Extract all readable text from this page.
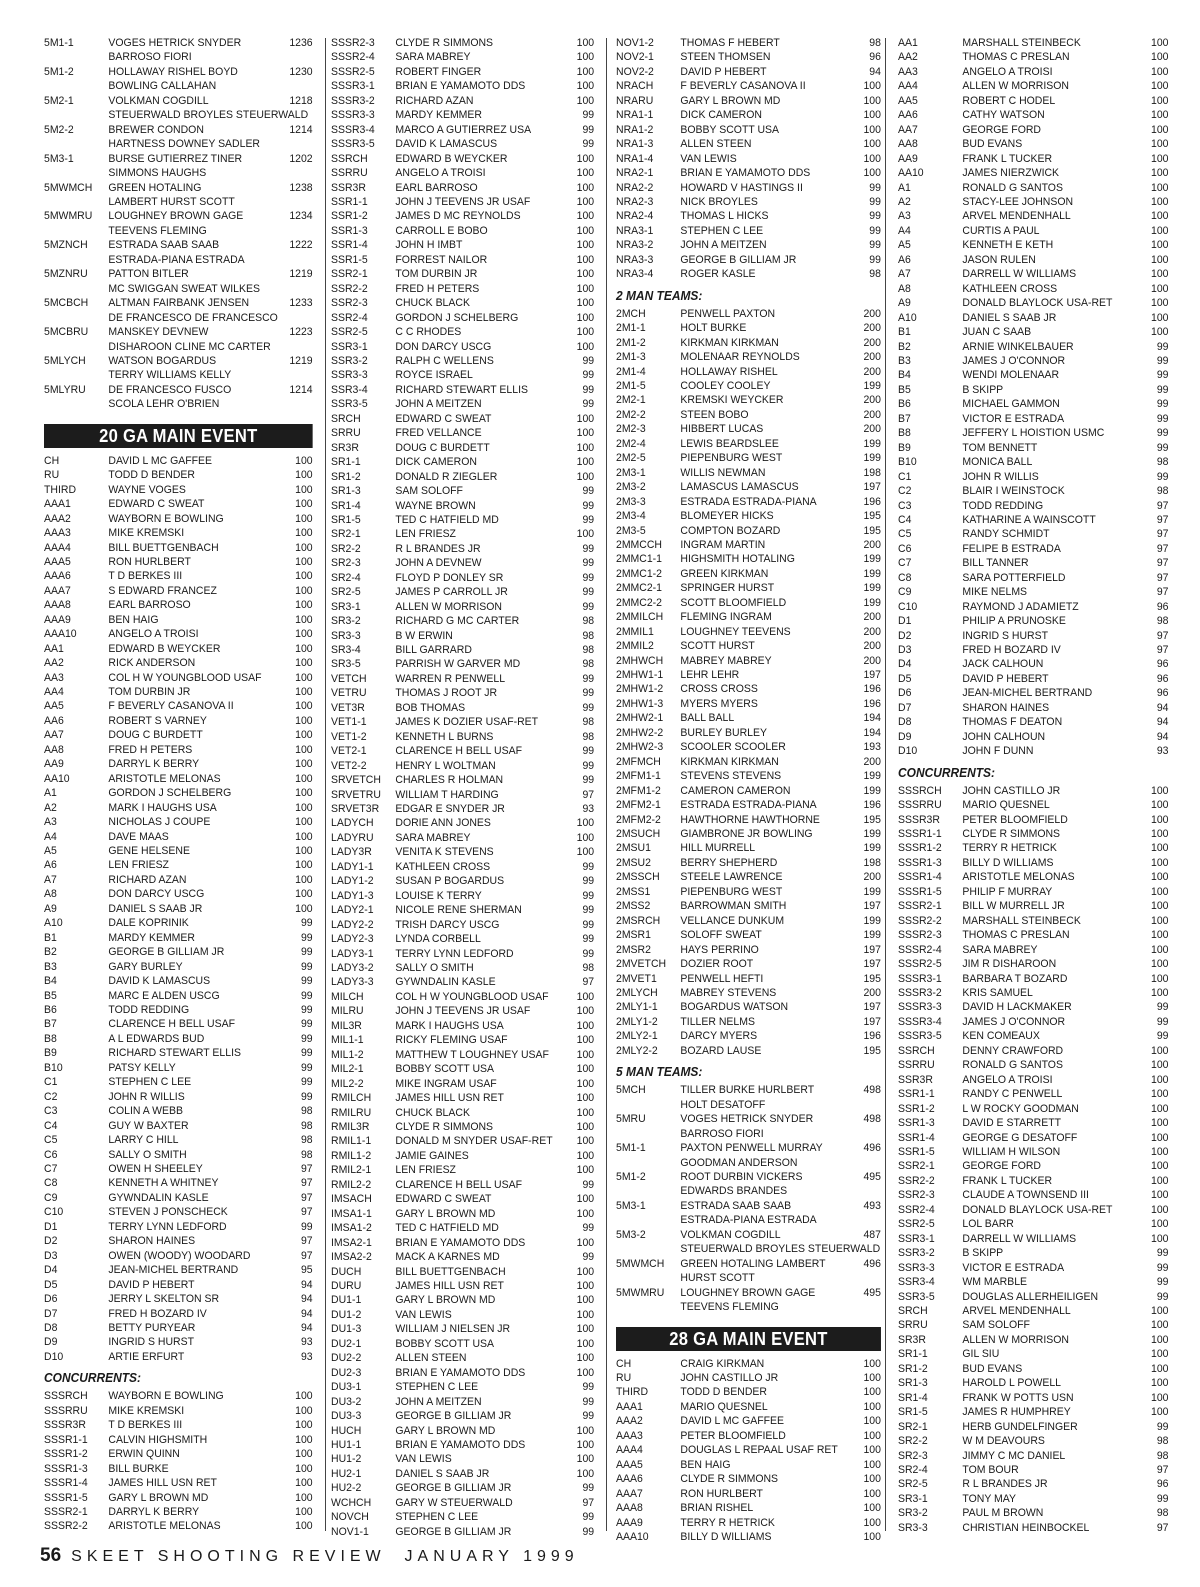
5M1-1	VOGES HETRICK SNYDER	1236
BARROSO FIORI
5M1-2	HOLLAWAY RISHEL BOYD	1230
BOWLING CALLAHAN
5M2-1	VOLKMAN COGDILL	1218
STEUERWALD BROYLES STEUERWALD
5M2-2	BREWER CONDON	1214
HARTNESS DOWNEY SADLER
5M3-1	BURSE GUTIERREZ TINER	1202
SIMMONS HAUGHS
5MWMCH	GREEN HOTALING	1238
LAMBERT HURST SCOTT
5MWMRU	LOUGHNEY BROWN GAGE	1234
TEEVENS FLEMING
5MZNCH	ESTRADA SAAB SAAB	1222
ESTRADA-PIANA ESTRADA
5MZNRU	PATTON BITLER	1219
MC SWIGGAN SWEAT WILKES
5MCBCH	ALTMAN FAIRBANK JENSEN	1233
DE FRANCESCO DE FRANCESCO
5MCBRU	MANSKEY DEVNEW	1223
DISHAROON CLINE MC CARTER
5MLYCH	WATSON BOGARDUS	1219
TERRY WILLIAMS KELLY
5MLYRU	DE FRANCESCO FUSCO	1214
SCOLA LEHR O'BRIEN
20 GA MAIN EVENT
CH	DAVID L MC GAFFEE	100
RU	TODD D BENDER	100
THIRD	WAYNE VOGES	100
AAA1	EDWARD C SWEAT	100
AAA2	WAYBORN E BOWLING	100
AAA3	MIKE KREMSKI	100
AAA4	BILL BUETTGENBACH	100
AAA5	RON HURLBERT	100
AAA6	T D BERKES III	100
AAA7	S EDWARD FRANCEZ	100
AAA8	EARL BARROSO	100
AAA9	BEN HAIG	100
AAA10	ANGELO A TROISI	100
AA1	EDWARD B WEYCKER	100
AA2	RICK ANDERSON	100
AA3	COL H W YOUNGBLOOD USAF	100
AA4	TOM DURBIN JR	100
AA5	F BEVERLY CASANOVA II	100
AA6	ROBERT S VARNEY	100
AA7	DOUG C BURDETT	100
AA8	FRED H PETERS	100
AA9	DARRYL K BERRY	100
AA10	ARISTOTLE MELONAS	100
A1	GORDON J SCHELBERG	100
A2	MARK I HAUGHS USA	100
A3	NICHOLAS J COUPE	100
A4	DAVE MAAS	100
A5	GENE HELSENE	100
A6	LEN FRIESZ	100
A7	RICHARD AZAN	100
A8	DON DARCY USCG	100
A9	DANIEL S SAAB JR	100
A10	DALE KOPRINIK	99
B1	MARDY KEMMER	99
B2	GEORGE B GILLIAM JR	99
B3	GARY BURLEY	99
B4	DAVID K LAMASCUS	99
B5	MARC E ALDEN USCG	99
B6	TODD REDDING	99
B7	CLARENCE H BELL USAF	99
B8	A L EDWARDS BUD	99
B9	RICHARD STEWART ELLIS	99
B10	PATSY KELLY	99
C1	STEPHEN C LEE	99
C2	JOHN R WILLIS	99
C3	COLIN A WEBB	98
C4	GUY W BAXTER	98
C5	LARRY C HILL	98
C6	SALLY O SMITH	98
C7	OWEN H SHEELEY	97
C8	KENNETH A WHITNEY	97
C9	GYWNDALIN KASLE	97
C10	STEVEN J PONSCHECK	97
D1	TERRY LYNN LEDFORD	99
D2	SHARON HAINES	97
D3	OWEN (WOODY) WOODARD	97
D4	JEAN-MICHEL BERTRAND	95
D5	DAVID P HEBERT	94
D6	JERRY L SKELTON SR	94
D7	FRED H BOZARD IV	94
D8	BETTY PURYEAR	94
D9	INGRID S HURST	93
D10	ARTIE ERFURT	93
CONCURRENTS:
SSSRCH	WAYBORN E BOWLING	100
SSSRRU	MIKE KREMSKI	100
SSSR3R	T D BERKES III	100
SSSR1-1	CALVIN HIGHSMITH	100
SSSR1-2	ERWIN QUINN	100
SSSR1-3	BILL BURKE	100
SSSR1-4	JAMES HILL USN RET	100
SSSR1-5	GARY L BROWN MD	100
SSSR2-1	DARRYL K BERRY	100
SSSR2-2	ARISTOTLE MELONAS	100
SSSR2-3	CLYDE R SIMMONS	100
SSSR2-4	SARA MABREY	100
SSSR2-5	ROBERT FINGER	100
SSSR3-1	BRIAN E YAMAMOTO DDS	100
SSSR3-2	RICHARD AZAN	100
SSSR3-3	MARDY KEMMER	99
SSSR3-4	MARCO A GUTIERREZ USA	99
SSSR3-5	DAVID K LAMASCUS	99
SSRCH	EDWARD B WEYCKER	100
SSRRU	ANGELO A TROISI	100
SSR3R	EARL BARROSO	100
SSR1-1	JOHN J TEEVENS JR USAF	100
SSR1-2	JAMES D MC REYNOLDS	100
SSR1-3	CARROLL E BOBO	100
SSR1-4	JOHN H IMBT	100
SSR1-5	FORREST NAILOR	100
SSR2-1	TOM DURBIN JR	100
SSR2-2	FRED H PETERS	100
SSR2-3	CHUCK BLACK	100
SSR2-4	GORDON J SCHELBERG	100
SSR2-5	C C RHODES	100
SSR3-1	DON DARCY USCG	100
SSR3-2	RALPH C WELLENS	99
SSR3-3	ROYCE ISRAEL	99
SSR3-4	RICHARD STEWART ELLIS	99
SSR3-5	JOHN A MEITZEN	99
SRCH	EDWARD C SWEAT	100
SRRU	FRED VELLANCE	100
SR3R	DOUG C BURDETT	100
SR1-1	DICK CAMERON	100
SR1-2	DONALD R ZIEGLER	100
SR1-3	SAM SOLOFF	99
SR1-4	WAYNE BROWN	99
SR1-5	TED C HATFIELD MD	99
SR2-1	LEN FRIESZ	100
SR2-2	R L BRANDES JR	99
SR2-3	JOHN A DEVNEW	99
SR2-4	FLOYD P DONLEY SR	99
SR2-5	JAMES P CARROLL JR	99
SR3-1	ALLEN W MORRISON	99
SR3-2	RICHARD G MC CARTER	98
SR3-3	B W ERWIN	98
SR3-4	BILL GARRARD	98
SR3-5	PARRISH W GARVER MD	98
VETCH	WARREN R PENWELL	99
VETRU	THOMAS J ROOT JR	99
VET3R	BOB THOMAS	99
VET1-1	JAMES K DOZIER USAF-RET	98
VET1-2	KENNETH L BURNS	98
VET2-1	CLARENCE H BELL USAF	99
VET2-2	HENRY L WOLTMAN	99
SRVETCH	CHARLES R HOLMAN	99
SRVETRU	WILLIAM T HARDING	97
SRVET3R	EDGAR E SNYDER JR	93
LADYCH	DORIE ANN JONES	100
LADYRU	SARA MABREY	100
LADY3R	VENITA K STEVENS	100
LADY1-1	KATHLEEN CROSS	99
LADY1-2	SUSAN P BOGARDUS	99
LADY1-3	LOUISE K TERRY	99
LADY2-1	NICOLE RENE SHERMAN	99
LADY2-2	TRISH DARCY USCG	99
LADY2-3	LYNDA CORBELL	99
LADY3-1	TERRY LYNN LEDFORD	99
LADY3-2	SALLY O SMITH	98
LADY3-3	GYWNDALIN KASLE	97
MILCH	COL H W YOUNGBLOOD USAF	100
MILRU	JOHN J TEEVENS JR USAF	100
MIL3R	MARK I HAUGHS USA	100
MIL1-1	RICKY FLEMING USAF	100
MIL1-2	MATTHEW T LOUGHNEY USAF	100
MIL2-1	BOBBY SCOTT USA	100
MIL2-2	MIKE INGRAM USAF	100
RMILCH	JAMES HILL USN RET	100
RMILRU	CHUCK BLACK	100
RMIL3R	CLYDE R SIMMONS	100
RMIL1-1	DONALD M SNYDER USAF-RET	100
RMIL1-2	JAMIE GAINES	100
RMIL2-1	LEN FRIESZ	100
RMIL2-2	CLARENCE H BELL USAF	99
IMSACH	EDWARD C SWEAT	100
IMSA1-1	GARY L BROWN MD	100
IMSA1-2	TED C HATFIELD MD	99
IMSA2-1	BRIAN E YAMAMOTO DDS	100
IMSA2-2	MACK A KARNES MD	99
DUCH	BILL BUETTGENBACH	100
DURU	JAMES HILL USN RET	100
DU1-1	GARY L BROWN MD	100
DU1-2	VAN LEWIS	100
DU1-3	WILLIAM J NIELSEN JR	100
DU2-1	BOBBY SCOTT USA	100
DU2-2	ALLEN STEEN	100
DU2-3	BRIAN E YAMAMOTO DDS	100
DU3-1	STEPHEN C LEE	99
DU3-2	JOHN A MEITZEN	99
DU3-3	GEORGE B GILLIAM JR	99
HUCH	GARY L BROWN MD	100
HU1-1	BRIAN E YAMAMOTO DDS	100
HU1-2	VAN LEWIS	100
HU2-1	DANIEL S SAAB JR	100
HU2-2	GEORGE B GILLIAM JR	99
WCHCH	GARY W STEUERWALD	97
NOVCH	STEPHEN C LEE	99
NOV1-1	GEORGE B GILLIAM JR	99
NOV1-2	THOMAS F HEBERT	98
NOV2-1	STEEN THOMSEN	96
NOV2-2	DAVID P HEBERT	94
NRACH	F BEVERLY CASANOVA II	100
NRARU	GARY L BROWN MD	100
NRA1-1	DICK CAMERON	100
NRA1-2	BOBBY SCOTT USA	100
NRA1-3	ALLEN STEEN	100
NRA1-4	VAN LEWIS	100
NRA2-1	BRIAN E YAMAMOTO DDS	100
NRA2-2	HOWARD V HASTINGS II	99
NRA2-3	NICK BROYLES	99
NRA2-4	THOMAS L HICKS	99
NRA3-1	STEPHEN C LEE	99
NRA3-2	JOHN A MEITZEN	99
NRA3-3	GEORGE B GILLIAM JR	99
NRA3-4	ROGER KASLE	98
2 MAN TEAMS:
2MCH	PENWELL PAXTON	200
2M1-1	HOLT BURKE	200
2M1-2	KIRKMAN KIRKMAN	200
2M1-3	MOLENAAR REYNOLDS	200
2M1-4	HOLLAWAY RISHEL	200
2M1-5	COOLEY COOLEY	199
2M2-1	KREMSKI WEYCKER	200
2M2-2	STEEN BOBO	200
2M2-3	HIBBERT LUCAS	200
2M2-4	LEWIS BEARDSLEE	199
2M2-5	PIEPENBURG WEST	199
2M3-1	WILLIS NEWMAN	198
2M3-2	LAMASCUS LAMASCUS	197
2M3-3	ESTRADA ESTRADA-PIANA	196
2M3-4	BLOMEYER HICKS	195
2M3-5	COMPTON BOZARD	195
2MMCCH	INGRAM MARTIN	200
2MMC1-1	HIGHSMITH HOTALING	199
2MMC1-2	GREEN KIRKMAN	199
2MMC2-1	SPRINGER HURST	199
2MMC2-2	SCOTT BLOOMFIELD	199
2MMILCH	FLEMING INGRAM	200
2MMIL1	LOUGHNEY TEEVENS	200
2MMIL2	SCOTT HURST	200
2MHWCH	MABREY MABREY	200
2MHW1-1	LEHR LEHR	197
2MHW1-2	CROSS CROSS	196
2MHW1-3	MYERS MYERS	196
2MHW2-1	BALL BALL	194
2MHW2-2	BURLEY BURLEY	194
2MHW2-3	SCOOLER SCOOLER	193
2MFMCH	KIRKMAN KIRKMAN	200
2MFM1-1	STEVENS STEVENS	199
2MFM1-2	CAMERON CAMERON	199
2MFM2-1	ESTRADA ESTRADA-PIANA	196
2MFM2-2	HAWTHORNE HAWTHORNE	195
2MSUCH	GIAMBRONE JR BOWLING	199
2MSU1	HILL MURRELL	199
2MSU2	BERRY SHEPHERD	198
2MSSCH	STEELE LAWRENCE	200
2MSS1	PIEPENBURG WEST	199
2MSS2	BARROWMAN SMITH	197
2MSRCH	VELLANCE DUNKUM	199
2MSR1	SOLOFF SWEAT	199
2MSR2	HAYS PERRINO	197
2MVETCH	DOZIER ROOT	197
2MVET1	PENWELL HEFTI	195
2MLYCH	MABREY STEVENS	200
2MLY1-1	BOGARDUS WATSON	197
2MLY1-2	TILLER NELMS	197
2MLY2-1	DARCY MYERS	196
2MLY2-2	BOZARD LAUSE	195
5 MAN TEAMS:
5MCH	TILLER BURKE HURLBERT	498
HOLT DESATOFF
5MRU	VOGES HETRICK SNYDER	498
BARROSO FIORI
5M1-1	PAXTON PENWELL MURRAY	496
GOODMAN ANDERSON
5M1-2	ROOT DURBIN VICKERS	495
EDWARDS BRANDES
5M3-1	ESTRADA SAAB SAAB	493
ESTRADA-PIANA ESTRADA
5M3-2	VOLKMAN COGDILL	487
STEUERWALD BROYLES STEUERWALD
5MWMCH	GREEN HOTALING LAMBERT	496
HURST SCOTT
5MWMRU	LOUGHNEY BROWN GAGE	495
TEEVENS FLEMING
28 GA MAIN EVENT
CH	CRAIG KIRKMAN	100
RU	JOHN CASTILLO JR	100
THIRD	TODD D BENDER	100
AAA1	MARIO QUESNEL	100
AAA2	DAVID L MC GAFFEE	100
AAA3	PETER BLOOMFIELD	100
AAA4	DOUGLAS L REPAAL USAF RET	100
AAA5	BEN HAIG	100
AAA6	CLYDE R SIMMONS	100
AAA7	RON HURLBERT	100
AAA8	BRIAN RISHEL	100
AAA9	TERRY R HETRICK	100
AAA10	BILLY D WILLIAMS	100
AA1	MARSHALL STEINBECK	100
AA2	THOMAS C PRESLAN	100
AA3	ANGELO A TROISI	100
AA4	ALLEN W MORRISON	100
AA5	ROBERT C HODEL	100
AA6	CATHY WATSON	100
AA7	GEORGE FORD	100
AA8	BUD EVANS	100
AA9	FRANK L TUCKER	100
AA10	JAMES NIERZWICK	100
A1	RONALD G SANTOS	100
A2	STACY-LEE JOHNSON	100
A3	ARVEL MENDENHALL	100
A4	CURTIS A PAUL	100
A5	KENNETH E KETH	100
A6	JASON RULEN	100
A7	DARRELL W WILLIAMS	100
A8	KATHLEEN CROSS	100
A9	DONALD BLAYLOCK USA-RET	100
A10	DANIEL S SAAB JR	100
B1	JUAN C SAAB	100
B2	ARNIE WINKELBAUER	99
B3	JAMES J O'CONNOR	99
B4	WENDI MOLENAAR	99
B5	B SKIPP	99
B6	MICHAEL GAMMON	99
B7	VICTOR E ESTRADA	99
B8	JEFFERY L HOISTION USMC	99
B9	TOM BENNETT	99
B10	MONICA BALL	98
C1	JOHN R WILLIS	99
C2	BLAIR I WEINSTOCK	98
C3	TODD REDDING	97
C4	KATHARINE A WAINSCOTT	97
C5	RANDY SCHMIDT	97
C6	FELIPE B ESTRADA	97
C7	BILL TANNER	97
C8	SARA POTTERFIELD	97
C9	MIKE NELMS	97
C10	RAYMOND J ADAMIETZ	96
D1	PHILIP A PRUNOSKE	98
D2	INGRID S HURST	97
D3	FRED H BOZARD IV	97
D4	JACK CALHOUN	96
D5	DAVID P HEBERT	96
D6	JEAN-MICHEL BERTRAND	96
D7	SHARON HAINES	94
D8	THOMAS F DEATON	94
D9	JOHN CALHOUN	94
D10	JOHN F DUNN	93
CONCURRENTS:
SSSRCH	JOHN CASTILLO JR	100
SSSRRU	MARIO QUESNEL	100
SSSR3R	PETER BLOOMFIELD	100
SSSR1-1	CLYDE R SIMMONS	100
SSSR1-2	TERRY R HETRICK	100
SSSR1-3	BILLY D WILLIAMS	100
SSSR1-4	ARISTOTLE MELONAS	100
SSSR1-5	PHILIP F MURRAY	100
SSSR2-1	BILL W MURRELL JR	100
SSSR2-2	MARSHALL STEINBECK	100
SSSR2-3	THOMAS C PRESLAN	100
SSSR2-4	SARA MABREY	100
SSSR2-5	JIM R DISHAROON	100
SSSR3-1	BARBARA T BOZARD	100
SSSR3-2	KRIS SAMUEL	100
SSSR3-3	DAVID H LACKMAKER	99
SSSR3-4	JAMES J O'CONNOR	99
SSSR3-5	KEN COMEAUX	99
SSRCH	DENNY CRAWFORD	100
SSRRU	RONALD G SANTOS	100
SSR3R	ANGELO A TROISI	100
SSR1-1	RANDY C PENWELL	100
SSR1-2	L W ROCKY GOODMAN	100
SSR1-3	DAVID E STARRETT	100
SSR1-4	GEORGE G DESATOFF	100
SSR1-5	WILLIAM H WILSON	100
SSR2-1	GEORGE FORD	100
SSR2-2	FRANK L TUCKER	100
SSR2-3	CLAUDE A TOWNSEND III	100
SSR2-4	DONALD BLAYLOCK USA-RET	100
SSR2-5	LOL BARR	100
SSR3-1	DARRELL W WILLIAMS	100
SSR3-2	B SKIPP	99
SSR3-3	VICTOR E ESTRADA	99
SSR3-4	WM MARBLE	99
SSR3-5	DOUGLAS ALLERHEILIGEN	99
SRCH	ARVEL MENDENHALL	100
SRRU	SAM SOLOFF	100
SR3R	ALLEN W MORRISON	100
SR1-1	GIL SIU	100
SR1-2	BUD EVANS	100
SR1-3	HAROLD L POWELL	100
SR1-4	FRANK W POTTS USN	100
SR1-5	JAMES R HUMPHREY	100
SR2-1	HERB GUNDELFINGER	99
SR2-2	W M DEAVOURS	98
SR2-3	JIMMY C MC DANIEL	98
SR2-4	TOM BOUR	97
SR2-5	R L BRANDES JR	96
SR3-1	TONY MAY	99
SR3-2	PAUL M BROWN	98
SR3-3	CHRISTIAN HEINBOCKEL	97
56 SKEET SHOOTING REVIEW JANUARY 1999
